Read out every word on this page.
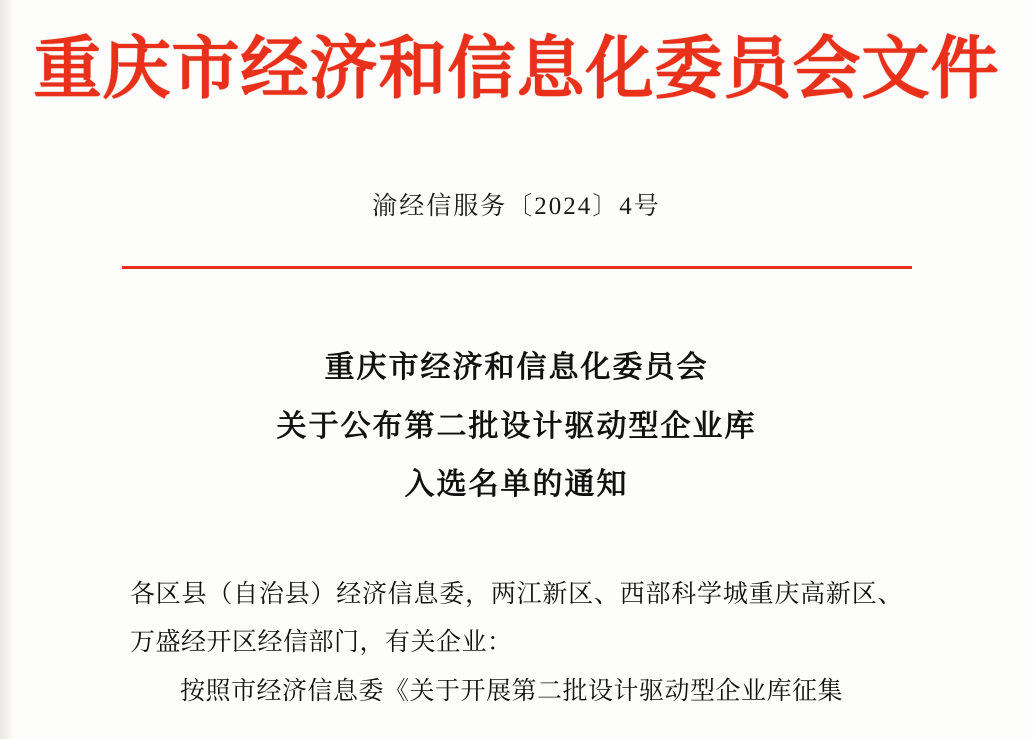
重庆市经济和信息化委员会文件
渝经信服务〔2024〕4号
重庆市经济和信息化委员会
关于公布第二批设计驱动型企业库
入选名单的通知

各区县（自治县）经济信息委，两江新区、西部科学城重庆高新区、万盛经开区经信部门，有关企业：

按照市经济信息委《关于开展第二批设计驱动型企业库征集
